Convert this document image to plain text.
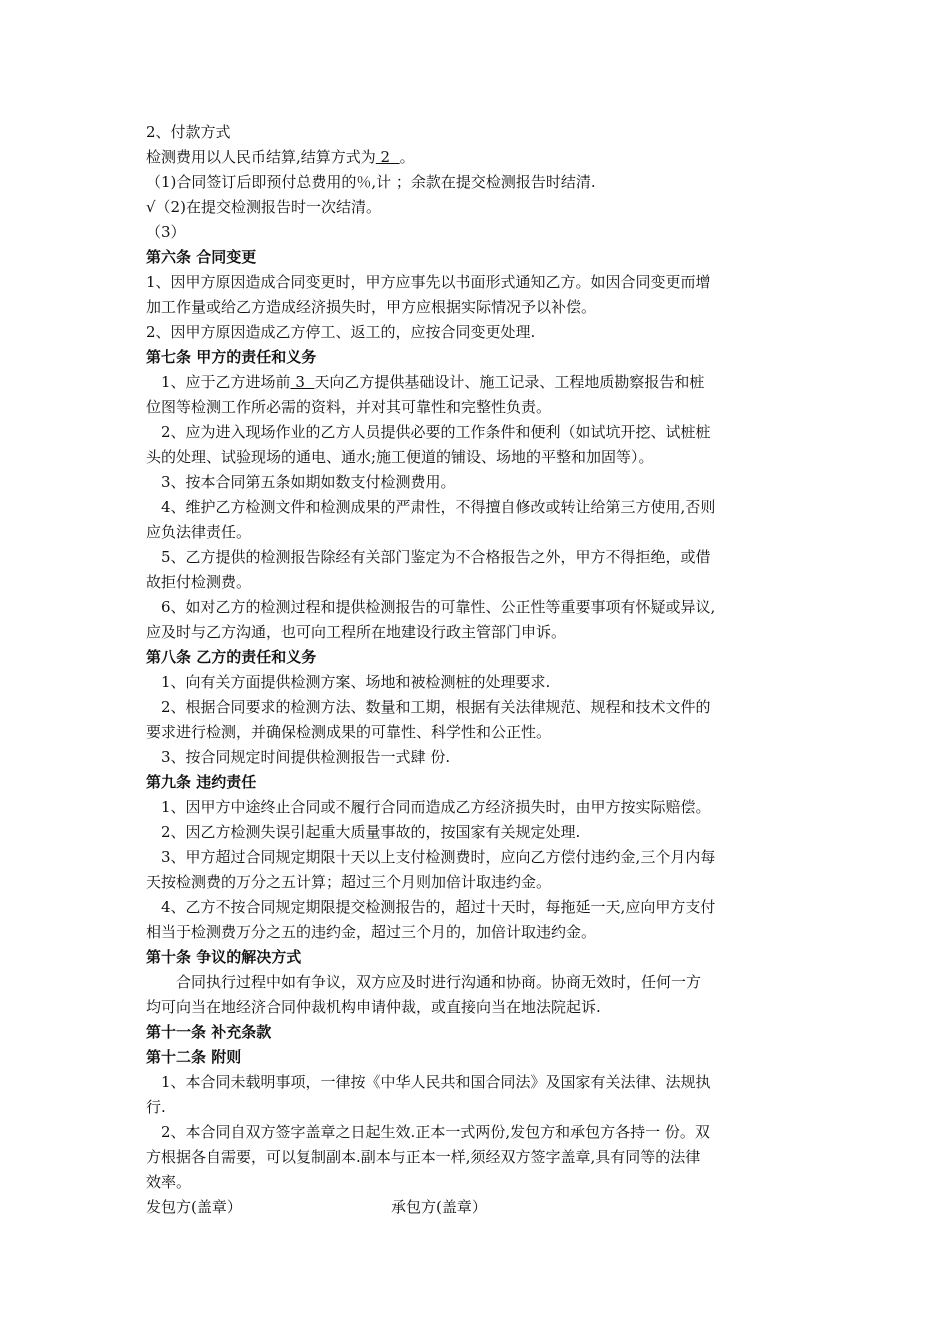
2、付款方式
检测费用以人民币结算,结算方式为 2  。
（1)合同签订后即预付总费用的％,计 ；余款在提交检测报告时结清.
√（2)在提交检测报告时一次结清。
（3）
第六条 合同变更
1、因甲方原因造成合同变更时，甲方应事先以书面形式通知乙方。如因合同变更而增
加工作量或给乙方造成经济损失时，甲方应根据实际情况予以补偿。
2、因甲方原因造成乙方停工、返工的，应按合同变更处理.
第七条 甲方的责任和义务
1、应于乙方进场前 3  天向乙方提供基础设计、施工记录、工程地质勘察报告和桩
位图等检测工作所必需的资料，并对其可靠性和完整性负责。
2、应为进入现场作业的乙方人员提供必要的工作条件和便利（如试坑开挖、试桩桩
头的处理、试验现场的通电、通水;施工便道的铺设、场地的平整和加固等）。
3、按本合同第五条如期如数支付检测费用。
4、维护乙方检测文件和检测成果的严肃性，不得擅自修改或转让给第三方使用,否则
应负法律责任。
5、乙方提供的检测报告除经有关部门鉴定为不合格报告之外，甲方不得拒绝，或借
故拒付检测费。
6、如对乙方的检测过程和提供检测报告的可靠性、公正性等重要事项有怀疑或异议,
应及时与乙方沟通，也可向工程所在地建设行政主管部门申诉。
第八条 乙方的责任和义务
1、向有关方面提供检测方案、场地和被检测桩的处理要求.
2、根据合同要求的检测方法、数量和工期，根据有关法律规范、规程和技术文件的
要求进行检测，并确保检测成果的可靠性、科学性和公正性。
3、按合同规定时间提供检测报告一式肆 份.
第九条 违约责任
1、因甲方中途终止合同或不履行合同而造成乙方经济损失时，由甲方按实际赔偿。
2、因乙方检测失误引起重大质量事故的，按国家有关规定处理.
3、甲方超过合同规定期限十天以上支付检测费时，应向乙方偿付违约金,三个月内每
天按检测费的万分之五计算；超过三个月则加倍计取违约金。
4、乙方不按合同规定期限提交检测报告的，超过十天时，每拖延一天,应向甲方支付
相当于检测费万分之五的违约金，超过三个月的，加倍计取违约金。
第十条 争议的解决方式
合同执行过程中如有争议，双方应及时进行沟通和协商。协商无效时，任何一方
均可向当在地经济合同仲裁机构申请仲裁，或直接向当在地法院起诉.
第十一条 补充条款
第十二条 附则
1、本合同未载明事项，一律按《中华人民共和国合同法》及国家有关法律、法规执
行.
2、本合同自双方签字盖章之日起生效.正本一式两份,发包方和承包方各持一 份。双
方根据各自需要，可以复制副本.副本与正本一样,须经双方签字盖章,具有同等的法律
效率。
发包方(盖章）	承包方(盖章）
